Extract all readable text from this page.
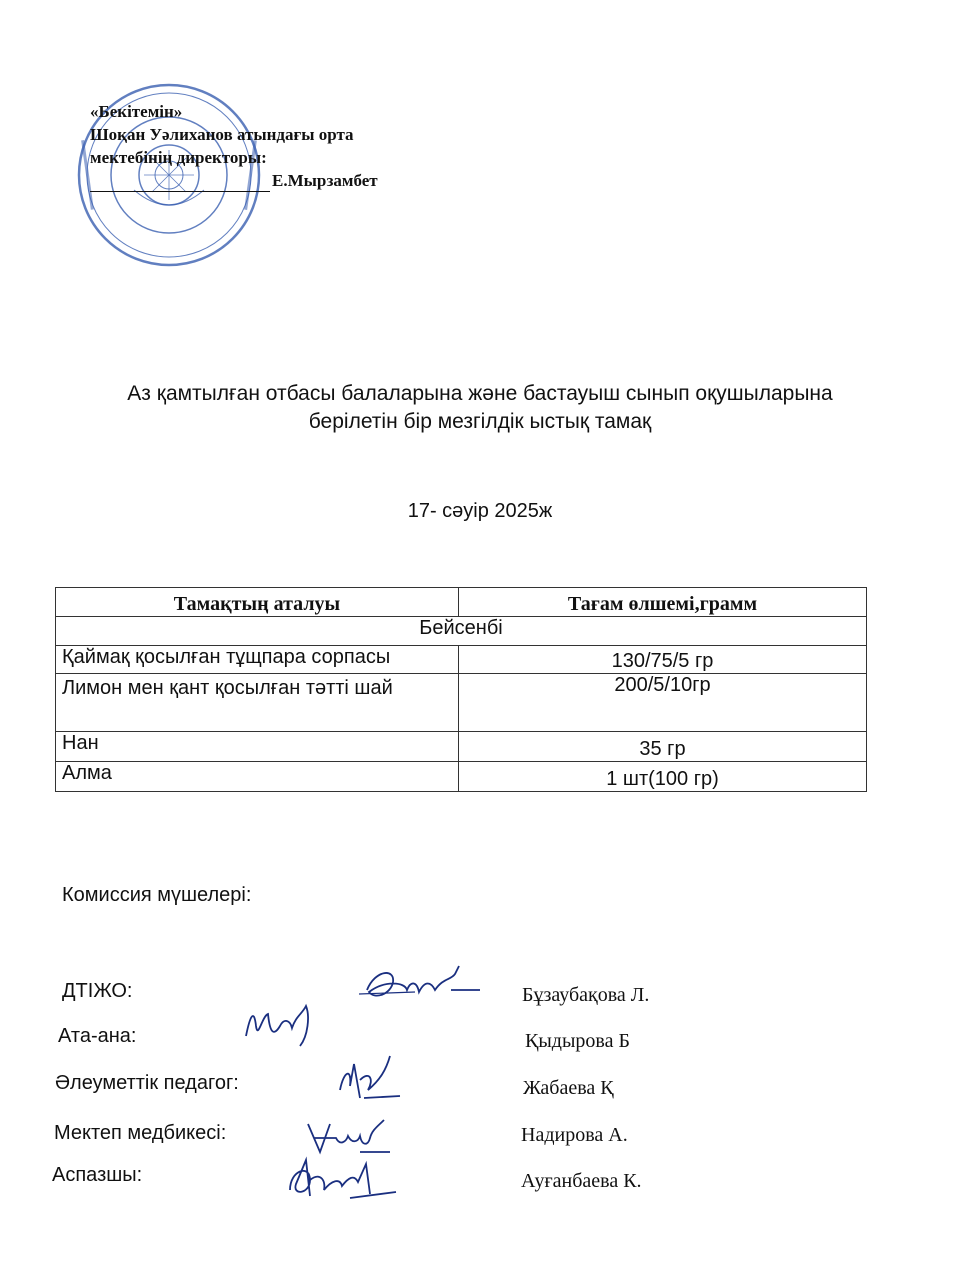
«Бекітемін»
Шоқан Уәлиханов атындағы орта
мектебінің директоры:
Е.Мырзамбет
Аз қамтылған отбасы балаларына және бастауыш сынып оқушыларына
берілетін бір мезгілдік ыстық тамақ
17- сәуір 2025ж
Тамақтың аталуы	Тағам өлшемі,грамм
Бейсенбі	
Қаймақ қосылған тұщпара сорпасы	130/75/5 гр
Лимон мен қант қосылған тәтті шай	200/5/10гр
Нан	35 гр
Алма	1 шт(100 гр)
Комиссия мүшелері:
ДТІЖО:
Ата-ана:
Әлеуметтік педагог:
Мектеп медбикесі:
Аспазшы:
Бұзаубақова Л.
Қыдырова Б
Жабаева Қ
Надирова А.
Ауғанбаева К.
